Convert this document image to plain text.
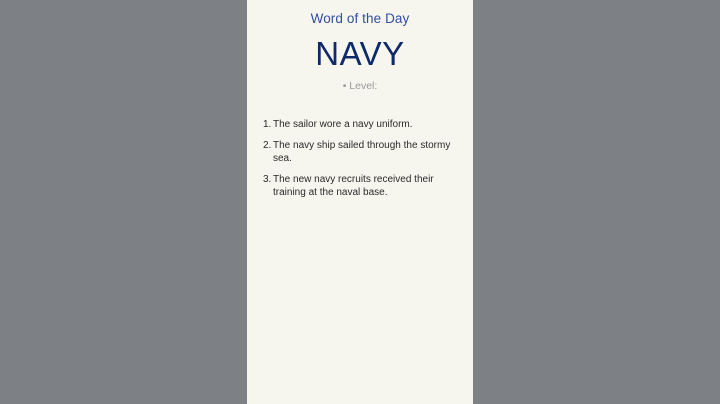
Word of the Day
NAVY
• Level:
1. The sailor wore a navy uniform.
2. The navy ship sailed through the stormy sea.
3. The new navy recruits received their training at the naval base.
